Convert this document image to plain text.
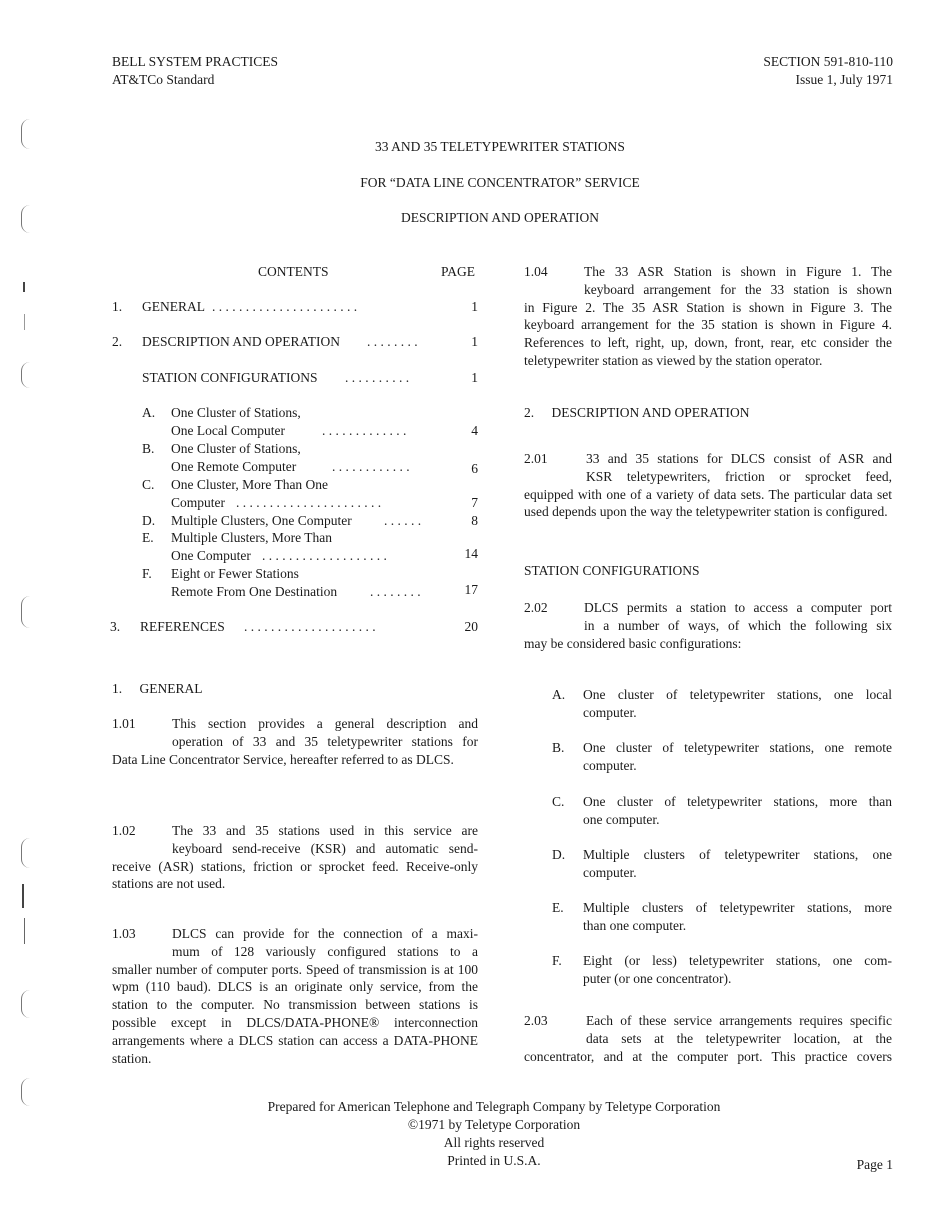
BELL SYSTEM PRACTICES
AT&TCo Standard
SECTION 591-810-110
Issue 1, July 1971
33 AND 35 TELETYPEWRITER STATIONS
FOR “DATA LINE CONCENTRATOR” SERVICE
DESCRIPTION AND OPERATION
CONTENTS	PAGE
1. GENERAL . . . . . . . . . . . . . . . . . . . . . .	1
2. DESCRIPTION AND OPERATION . . . . . . . .	1
STATION CONFIGURATIONS . . . . . . . . . .	1
A. One Cluster of Stations,
One Local Computer	. . . . . . . . . . . . .	4
B. One Cluster of Stations,
One Remote Computer	. . . . . . . . . . . .	6
C. One Cluster, More Than One
Computer . . . . . . . . . . . . . . . . . . . . . .	7
D. Multiple Clusters, One Computer . . . . . .	8
E. Multiple Clusters, More Than
One Computer . . . . . . . . . . . . . . . . . . .	14
F. Eight or Fewer Stations
Remote From One Destination . . . . . . . .	17
3. REFERENCES . . . . . . . . . . . . . . . . . . . .	20
1. GENERAL
1.01	This section provides a general description and
operation of 33 and 35 teletypewriter stations for
Data Line Concentrator Service, hereafter referred to as DLCS.
1.02	The 33 and 35 stations used in this service are
keyboard send-receive (KSR) and automatic send-
receive (ASR) stations, friction or sprocket feed. Receive-only stations are not used.
1.03	DLCS can provide for the connection of a maxi-
mum of 128 variously configured stations to a
smaller number of computer ports. Speed of transmission is at 100 wpm (110 baud). DLCS is an originate only service, from the station to the computer. No transmission between stations is possible except in DLCS/DATA-PHONE® interconnection arrangements where a DLCS station can access a DATA-PHONE station.
1.04	The 33 ASR Station is shown in Figure 1. The
keyboard arrangement for the 33 station is shown
in Figure 2. The 35 ASR Station is shown in Figure 3. The keyboard arrangement for the 35 station is shown in Figure 4. References to left, right, up, down, front, rear, etc consider the teletypewriter station as viewed by the station operator.
2. DESCRIPTION AND OPERATION
2.01	33 and 35 stations for DLCS consist of ASR and
KSR teletypewriters, friction or sprocket feed,
equipped with one of a variety of data sets. The particular data set used depends upon the way the teletypewriter station is configured.
STATION CONFIGURATIONS
2.02	DLCS permits a station to access a computer port
in a number of ways, of which the following six
may be considered basic configurations:
A. One cluster of teletypewriter stations, one local
computer.
B. One cluster of teletypewriter stations, one remote
computer.
C. One cluster of teletypewriter stations, more than
one computer.
D. Multiple clusters of teletypewriter stations, one
computer.
E. Multiple clusters of teletypewriter stations, more
than one computer.
F. Eight (or less) teletypewriter stations, one com-
puter (or one concentrator).
2.03	Each of these service arrangements requires specific
data sets at the teletypewriter location, at the
concentrator, and at the computer port. This practice covers
Prepared for American Telephone and Telegraph Company by Teletype Corporation
©1971 by Teletype Corporation
All rights reserved
Printed in U.S.A.	Page 1
